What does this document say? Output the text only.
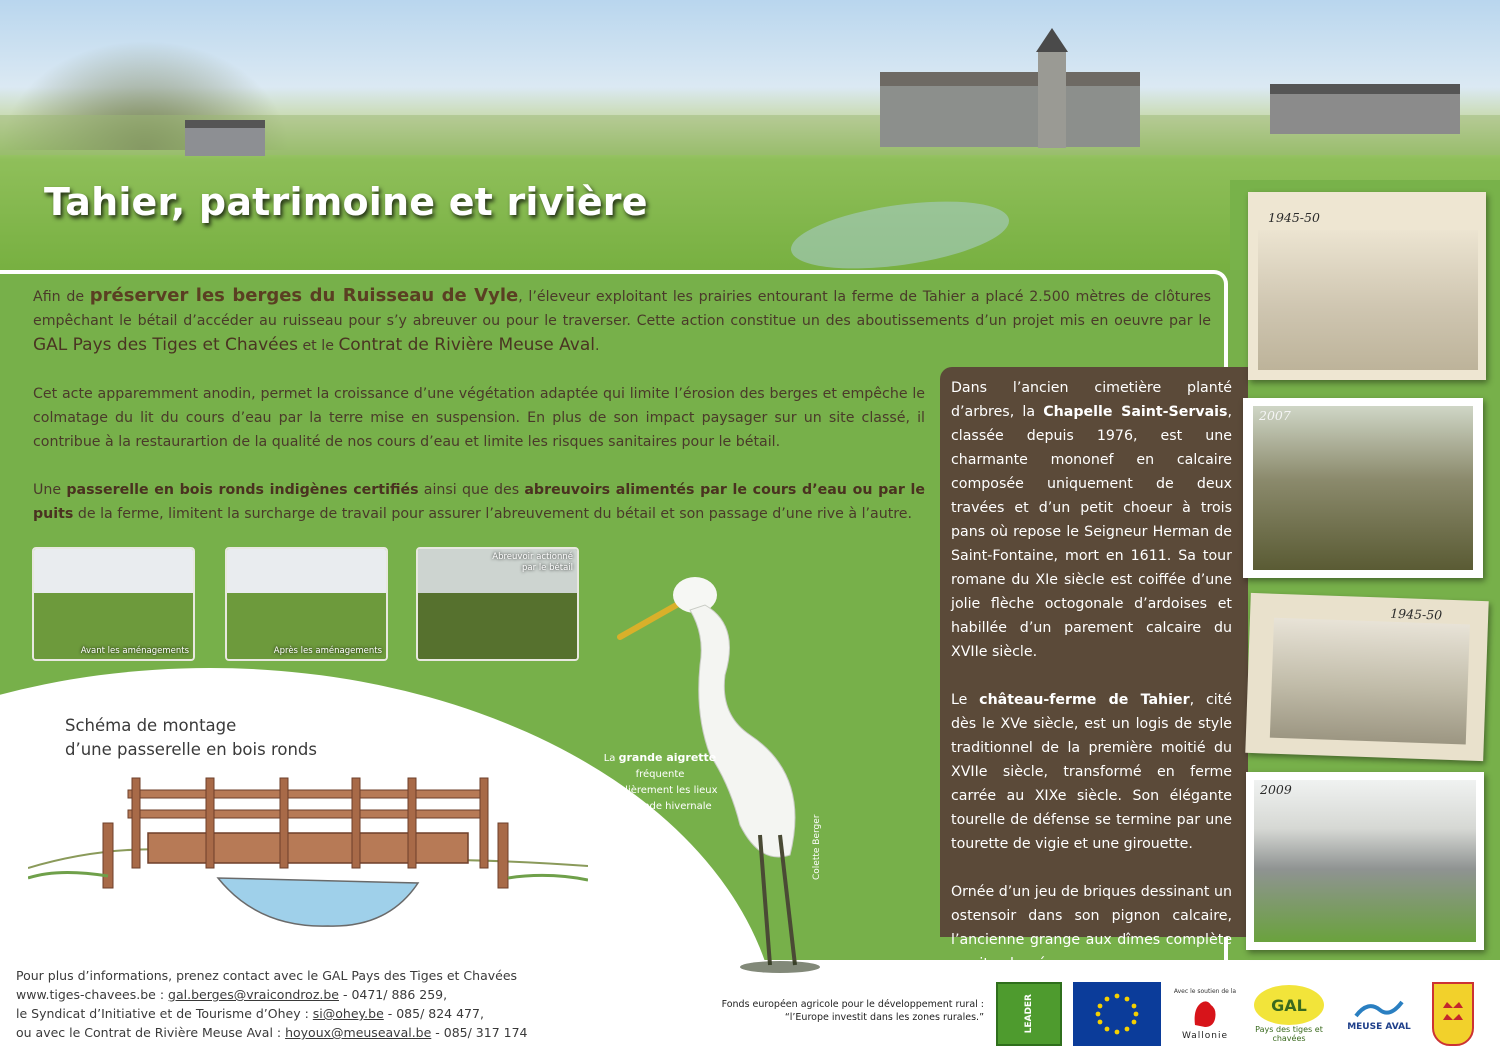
Tahier, patrimoine et rivière
Afin de préserver les berges du Ruisseau de Vyle, l’éleveur exploitant les prairies entourant la ferme de Tahier a placé 2.500 mètres de clôtures empêchant le bétail d’accéder au ruisseau pour s’y abreuver ou pour le traverser. Cette action constitue un des aboutissements d’un projet mis en oeuvre par le GAL Pays des Tiges et Chavées et le Contrat de Rivière Meuse Aval.
Cet acte apparemment anodin, permet la croissance d’une végétation adaptée qui limite l’érosion des berges et empêche le colmatage du lit du cours d’eau par la terre mise en suspension. En plus de son impact paysager sur un site classé, il contribue à la restaurartion de la qualité de nos cours d’eau et limite les risques sanitaires pour le bétail.
Une passerelle en bois ronds indigènes certifiés ainsi que des abreuvoirs alimentés par le cours d’eau ou par le puits de la ferme, limitent la surcharge de travail pour assurer l’abreuvement du bétail et son passage d’une rive à l’autre.
Avant les aménagements	Après les aménagements
Abreuvoir actionné
par le bétail
Schéma de montage
d’une passerelle en bois ronds	La grande aigrette
fréquente
régulièrement les lieux
en période hivernale
Colette Berger

Dans l’ancien cimetière planté d’arbres, la Chapelle Saint-Servais, classée depuis 1976, est une charmante mononef en calcaire composée uniquement de deux travées et d’un petit choeur à trois pans où repose le Seigneur Herman de Saint-Fontaine, mort en 1611. Sa tour romane du XIe siècle est coiffée d’une jolie flèche octogonale d’ardoises et habillée d’un parement calcaire du XVIIe siècle.

Le château-ferme de Tahier, cité dès le XVe siècle, est un logis de style traditionnel de la première moitié du XVIIe siècle, transformé en ferme carrée au XIXe siècle. Son élégante tourelle de défense se termine par une tourette de vigie et une girouette.

Ornée d’un jeu de briques dessinant un ostensoir dans son pignon calcaire, l’ancienne grange aux dîmes complète ce site classé.

1945-50
2007
1945-50
2009
Pour plus d’informations, prenez contact avec le GAL Pays des Tiges et Chavées
www.tiges-chavees.be : gal.berges@vraicondroz.be - 0471/ 886 259,
le Syndicat d’Initiative et de Tourisme d’Ohey : si@ohey.be - 085/ 824 477,
ou avec le Contrat de Rivière Meuse Aval : hoyoux@meuseaval.be - 085/ 317 174
Fonds européen agricole pour le développement rural :
“l’Europe investit dans les zones rurales.”	LEADER
Avec le soutien de la
Wallonie
GAL
Pays des tiges et chavées
MEUSE AVAL
